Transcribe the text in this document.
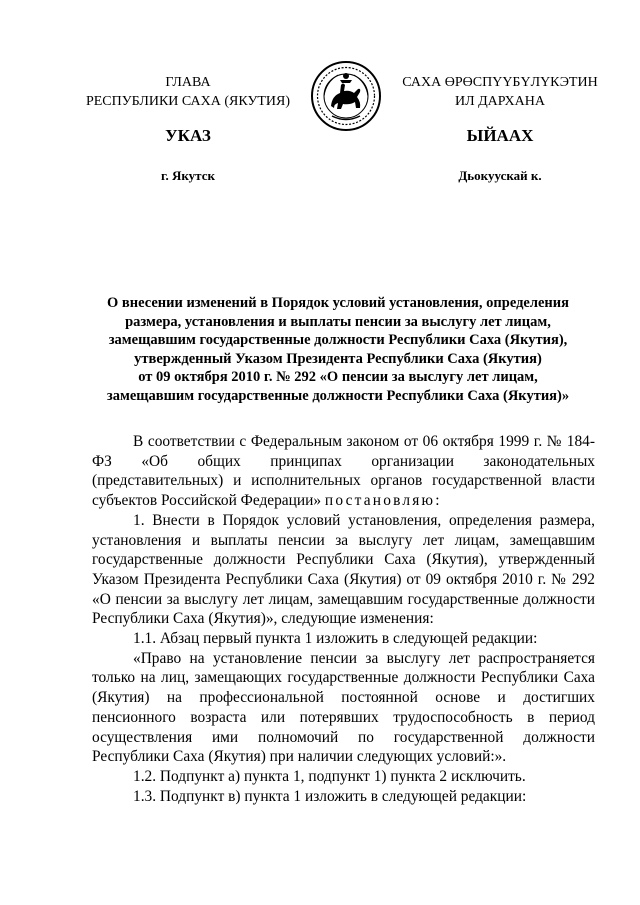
ГЛАВА
РЕСПУБЛИКИ САХА (ЯКУТИЯ)
САХА ӨРӨСПҮҮБҮЛҮКЭТИН
ИЛ ДАРХАНА
УКАЗ	ЫЙААХ
г. Якутск	Дьокуускай к.
О внесении изменений в Порядок условий установления, определения
размера, установления и выплаты пенсии за выслугу лет лицам,
замещавшим государственные должности Республики Саха (Якутия),
утвержденный Указом Президента Республики Саха (Якутия)
от 09 октября 2010 г. № 292 «О пенсии за выслугу лет лицам,
замещавшим государственные должности Республики Саха (Якутия)»

В соответствии с Федеральным законом от 06 октября 1999 г. № 184-ФЗ «Об общих принципах организации законодательных (представительных) и исполнительных органов государственной власти субъектов Российской Федерации» постановляю:

1. Внести в Порядок условий установления, определения размера, установления и выплаты пенсии за выслугу лет лицам, замещавшим государственные должности Республики Саха (Якутия), утвержденный Указом Президента Республики Саха (Якутия) от 09 октября 2010 г. № 292 «О пенсии за выслугу лет лицам, замещавшим государственные должности Республики Саха (Якутия)», следующие изменения:

1.1. Абзац первый пункта 1 изложить в следующей редакции:

«Право на установление пенсии за выслугу лет распространяется только на лиц, замещающих государственные должности Республики Саха (Якутия) на профессиональной постоянной основе и достигших пенсионного возраста или потерявших трудоспособность в период осуществления ими полномочий по государственной должности Республики Саха (Якутия) при наличии следующих условий:».

1.2. Подпункт а) пункта 1, подпункт 1) пункта 2 исключить.

1.3. Подпункт в) пункта 1 изложить в следующей редакции:
